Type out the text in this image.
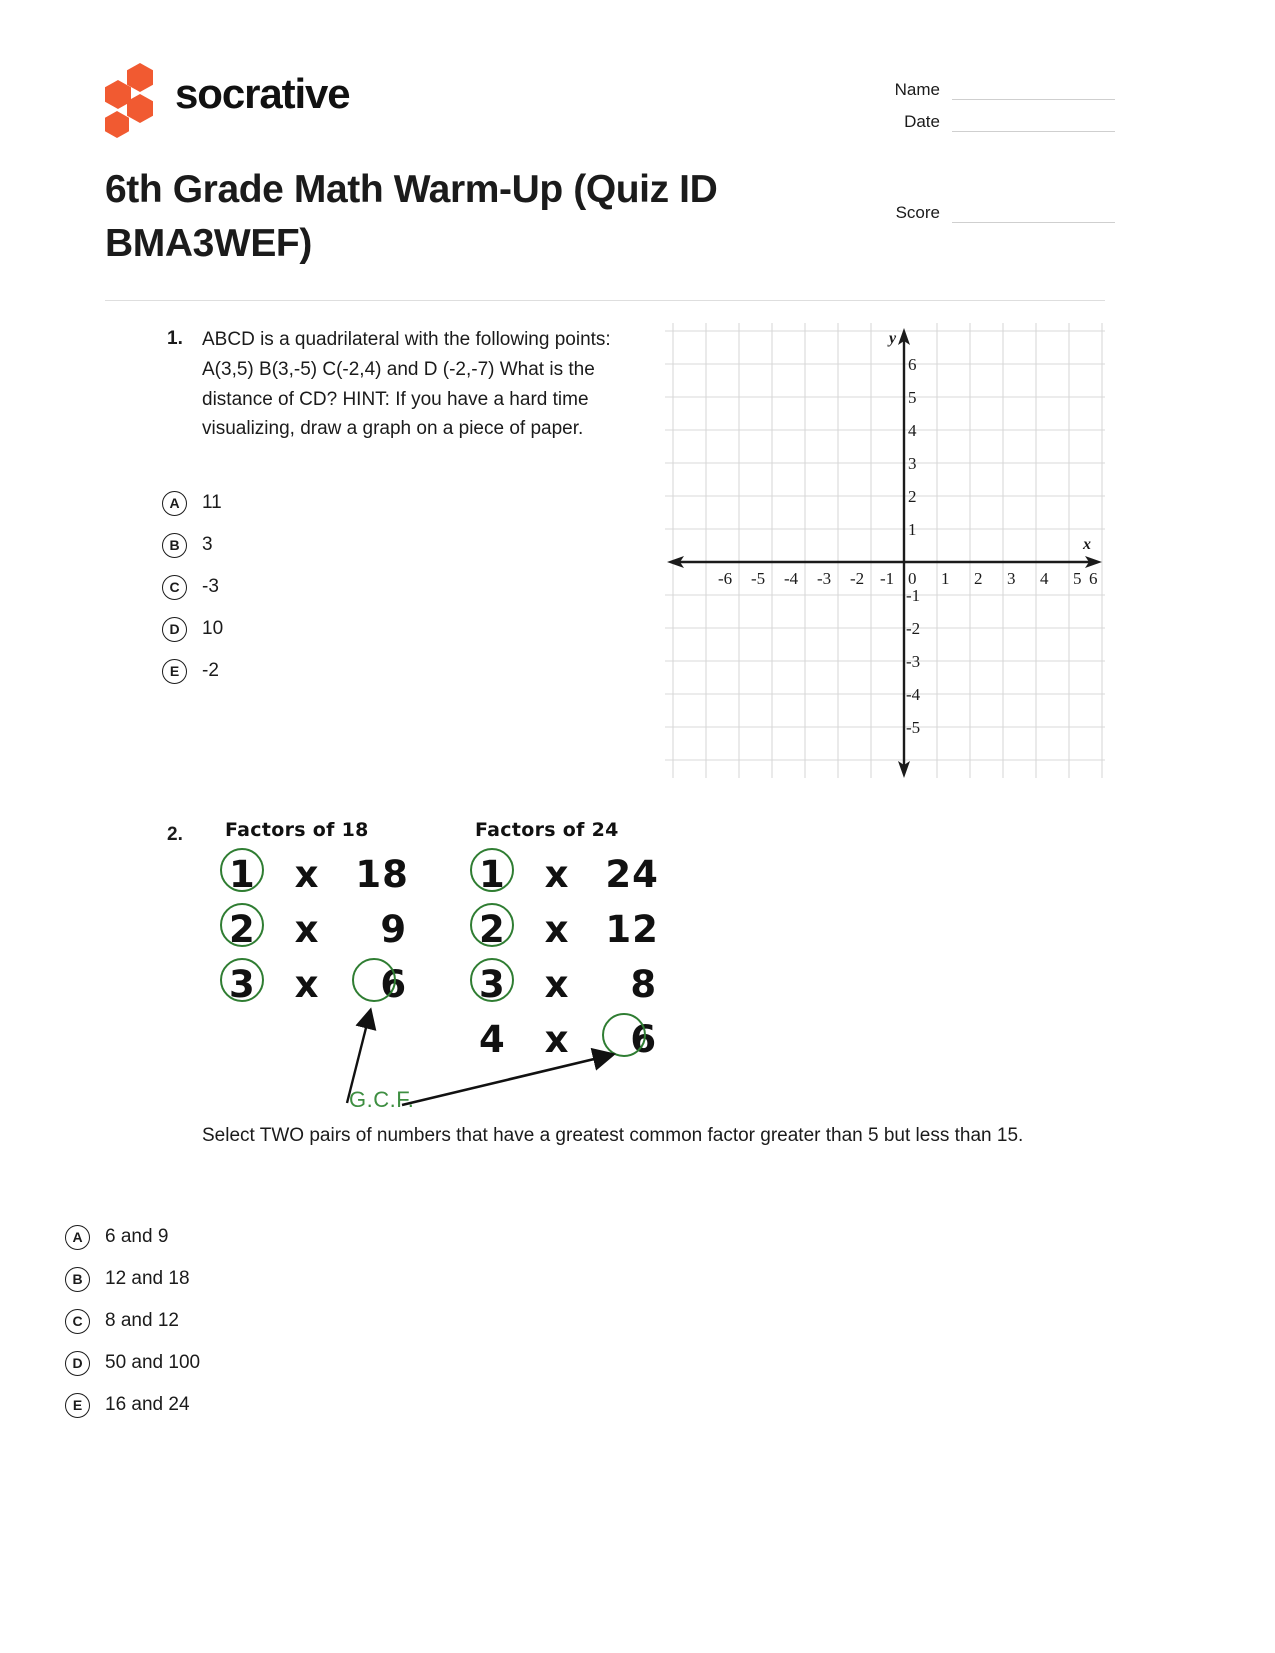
socrative
6th Grade Math Warm-Up (Quiz ID BMA3WEF)
Name
Date
Score
1. ABCD is a quadrilateral with the following points: A(3,5) B(3,-5) C(-2,4) and D (-2,-7) What is the distance of CD? HINT: If you have a hard time visualizing, draw a graph on a piece of paper.
A	11
B	3
C	-3
D	10
E	-2
y
x
6
5
4
3
2
1
-1
-2
-3
-4
-5
-6 -5 -4 -3 -2 -1 0 1 2 3 4 5 6
2. Factors of 18	Factors of 24
1 x 18
2 x 9
3 x 6
1 x 24
2 x 12
3 x 8
4 x 6
G.C.F.
Select TWO pairs of numbers that have a greatest common factor greater than 5 but less than 15.
A	6 and 9
B	12 and 18
C	8 and 12
D	50 and 100
E	16 and 24
